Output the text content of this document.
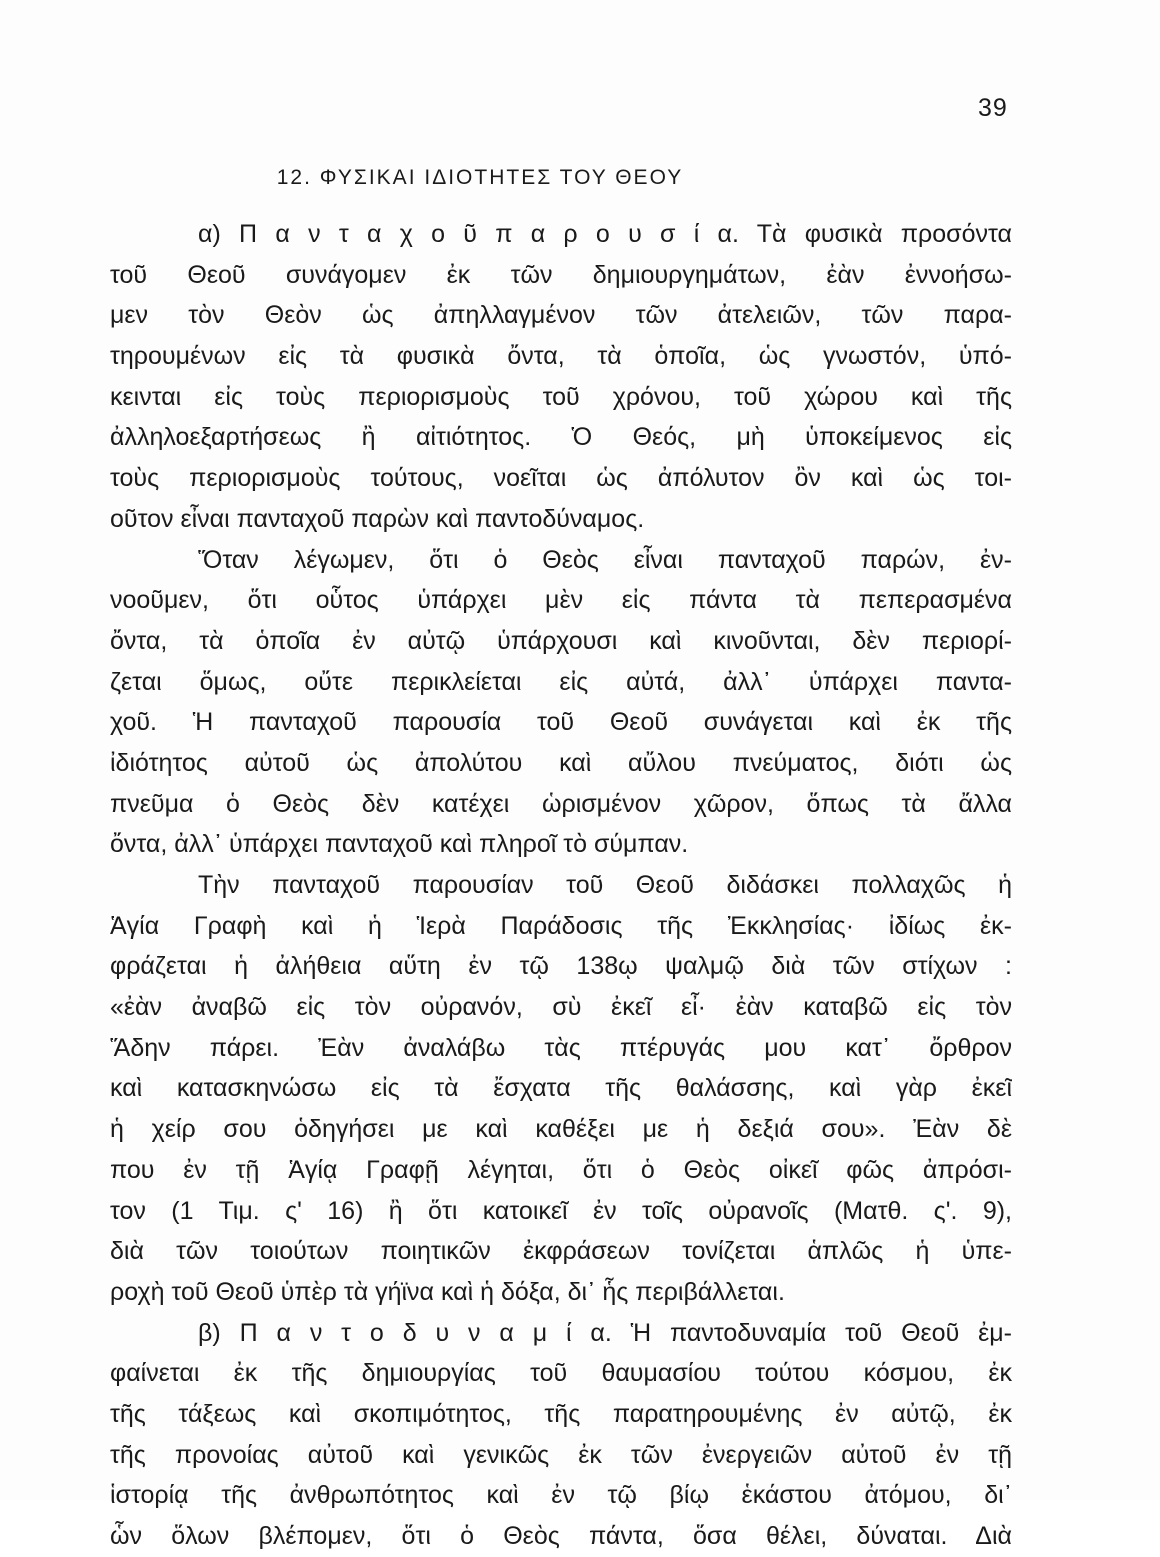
39
12. ΦΥΣΙΚΑΙ ΙΔΙΟΤΗΤΕΣ ΤΟΥ ΘΕΟΥ
α) Π α ν τ α χ ο ῦ π α ρ ο υ σ ί α. Τὰ φυσικὰ προσόντα
τοῦ Θεοῦ συνάγομεν ἐκ τῶν δημιουργημάτων, ἐὰν ἐννοήσω-
μεν τὸν Θεὸν ὡς ἀπηλλαγμένον τῶν ἀτελειῶν, τῶν παρα-
τηρουμένων εἰς τὰ φυσικὰ ὄντα, τὰ ὁποῖα, ὡς γνωστόν, ὑπό-
κεινται εἰς τοὺς περιορισμοὺς τοῦ χρόνου, τοῦ χώρου καὶ τῆς
ἀλληλοεξαρτήσεως ἢ αἰτιότητος. Ὁ Θεός, μὴ ὑποκείμενος εἰς
τοὺς περιορισμοὺς τούτους, νοεῖται ὡς ἀπόλυτον ὂν καὶ ὡς τοι-
οῦτον εἶναι πανταχοῦ παρὼν καὶ παντοδύναμος.
Ὅταν λέγωμεν, ὅτι ὁ Θεὸς εἶναι πανταχοῦ παρών, ἐν-
νοοῦμεν, ὅτι οὗτος ὑπάρχει μὲν εἰς πάντα τὰ πεπερασμένα
ὄντα, τὰ ὁποῖα ἐν αὐτῷ ὑπάρχουσι καὶ κινοῦνται, δὲν περιορί-
ζεται ὅμως, οὔτε περικλείεται εἰς αὐτά, ἀλλ᾿ ὑπάρχει παντα-
χοῦ. Ἡ πανταχοῦ παρουσία τοῦ Θεοῦ συνάγεται καὶ ἐκ τῆς
ἰδιότητος αὐτοῦ ὡς ἀπολύτου καὶ αὔλου πνεύματος, διότι ὡς
πνεῦμα ὁ Θεὸς δὲν κατέχει ὡρισμένον χῶρον, ὅπως τὰ ἄλλα
ὄντα, ἀλλ᾿ ὑπάρχει πανταχοῦ καὶ πληροῖ τὸ σύμπαν.
Τὴν πανταχοῦ παρουσίαν τοῦ Θεοῦ διδάσκει πολλαχῶς ἡ
Ἁγία Γραφὴ καὶ ἡ Ἱερὰ Παράδοσις τῆς Ἐκκλησίας· ἰδίως ἐκ-
φράζεται ἡ ἀλήθεια αὕτη ἐν τῷ 138ῳ ψαλμῷ διὰ τῶν στίχων :
«ἐὰν ἀναβῶ εἰς τὸν οὐρανόν, σὺ ἐκεῖ εἶ· ἐὰν καταβῶ εἰς τὸν
Ἅδην πάρει. Ἐὰν ἀναλάβω τὰς πτέρυγάς μου κατ᾿ ὄρθρον
καὶ κατασκηνώσω εἰς τὰ ἔσχατα τῆς θαλάσσης, καὶ γὰρ ἐκεῖ
ἡ χείρ σου ὁδηγήσει με καὶ καθέξει με ἡ δεξιά σου». Ἐὰν δὲ
που ἐν τῇ Ἁγίᾳ Γραφῇ λέγηται, ὅτι ὁ Θεὸς οἰκεῖ φῶς ἀπρόσι-
τον (1 Τιμ. ς' 16) ἢ ὅτι κατοικεῖ ἐν τοῖς οὐρανοῖς (Ματθ. ς'. 9),
διὰ τῶν τοιούτων ποιητικῶν ἐκφράσεων τονίζεται ἁπλῶς ἡ ὑπε-
ροχὴ τοῦ Θεοῦ ὑπὲρ τὰ γήϊνα καὶ ἡ δόξα, δι᾿ ἧς περιβάλλεται.
β) Π α ν τ ο δ υ ν α μ ί α. Ἡ παντοδυναμία τοῦ Θεοῦ ἐμ-
φαίνεται ἐκ τῆς δημιουργίας τοῦ θαυμασίου τούτου κόσμου, ἐκ
τῆς τάξεως καὶ σκοπιμότητος, τῆς παρατηρουμένης ἐν αὐτῷ, ἐκ
τῆς προνοίας αὐτοῦ καὶ γενικῶς ἐκ τῶν ἐνεργειῶν αὐτοῦ ἐν τῇ
ἱστορίᾳ τῆς ἀνθρωπότητος καὶ ἐν τῷ βίῳ ἑκάστου ἀτόμου, δι᾿
ὧν ὅλων βλέπομεν, ὅτι ὁ Θεὸς πάντα, ὅσα θέλει, δύναται. Διὰ
